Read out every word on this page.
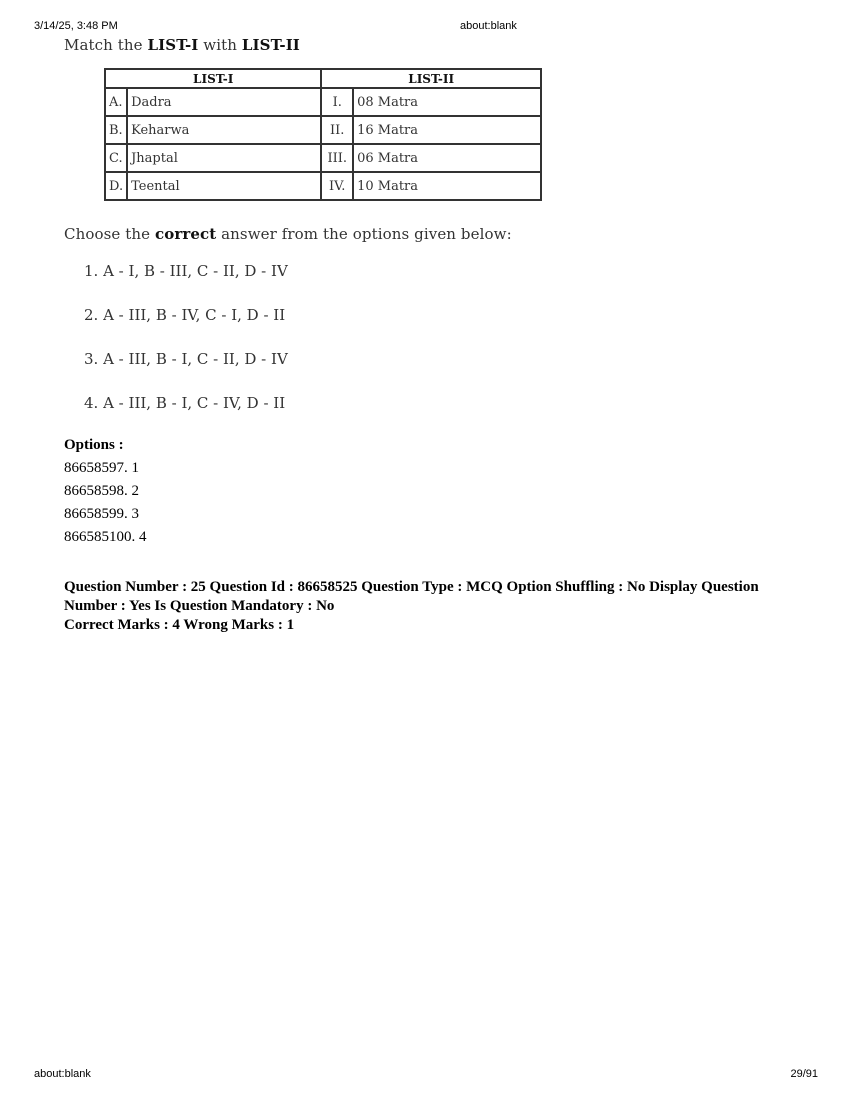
3/14/25, 3:48 PM	about:blank
Match the LIST-I with LIST-II
LIST-I		LIST-II	
A.	Dadra	I.	08 Matra
B.	Keharwa	II.	16 Matra
C.	Jhaptal	III.	06 Matra
D.	Teental	IV.	10 Matra
Choose the correct answer from the options given below:
1. A - I, B - III, C - II, D - IV
2. A - III, B - IV, C - I, D - II
3. A - III, B - I, C - II, D - IV
4. A - III, B - I, C - IV, D - II
Options :
86658597. 1
86658598. 2
86658599. 3
866585100. 4
Question Number : 25 Question Id : 86658525 Question Type : MCQ Option Shuffling : No Display Question Number : Yes Is Question Mandatory : No
Correct Marks : 4 Wrong Marks : 1
about:blank	29/91
